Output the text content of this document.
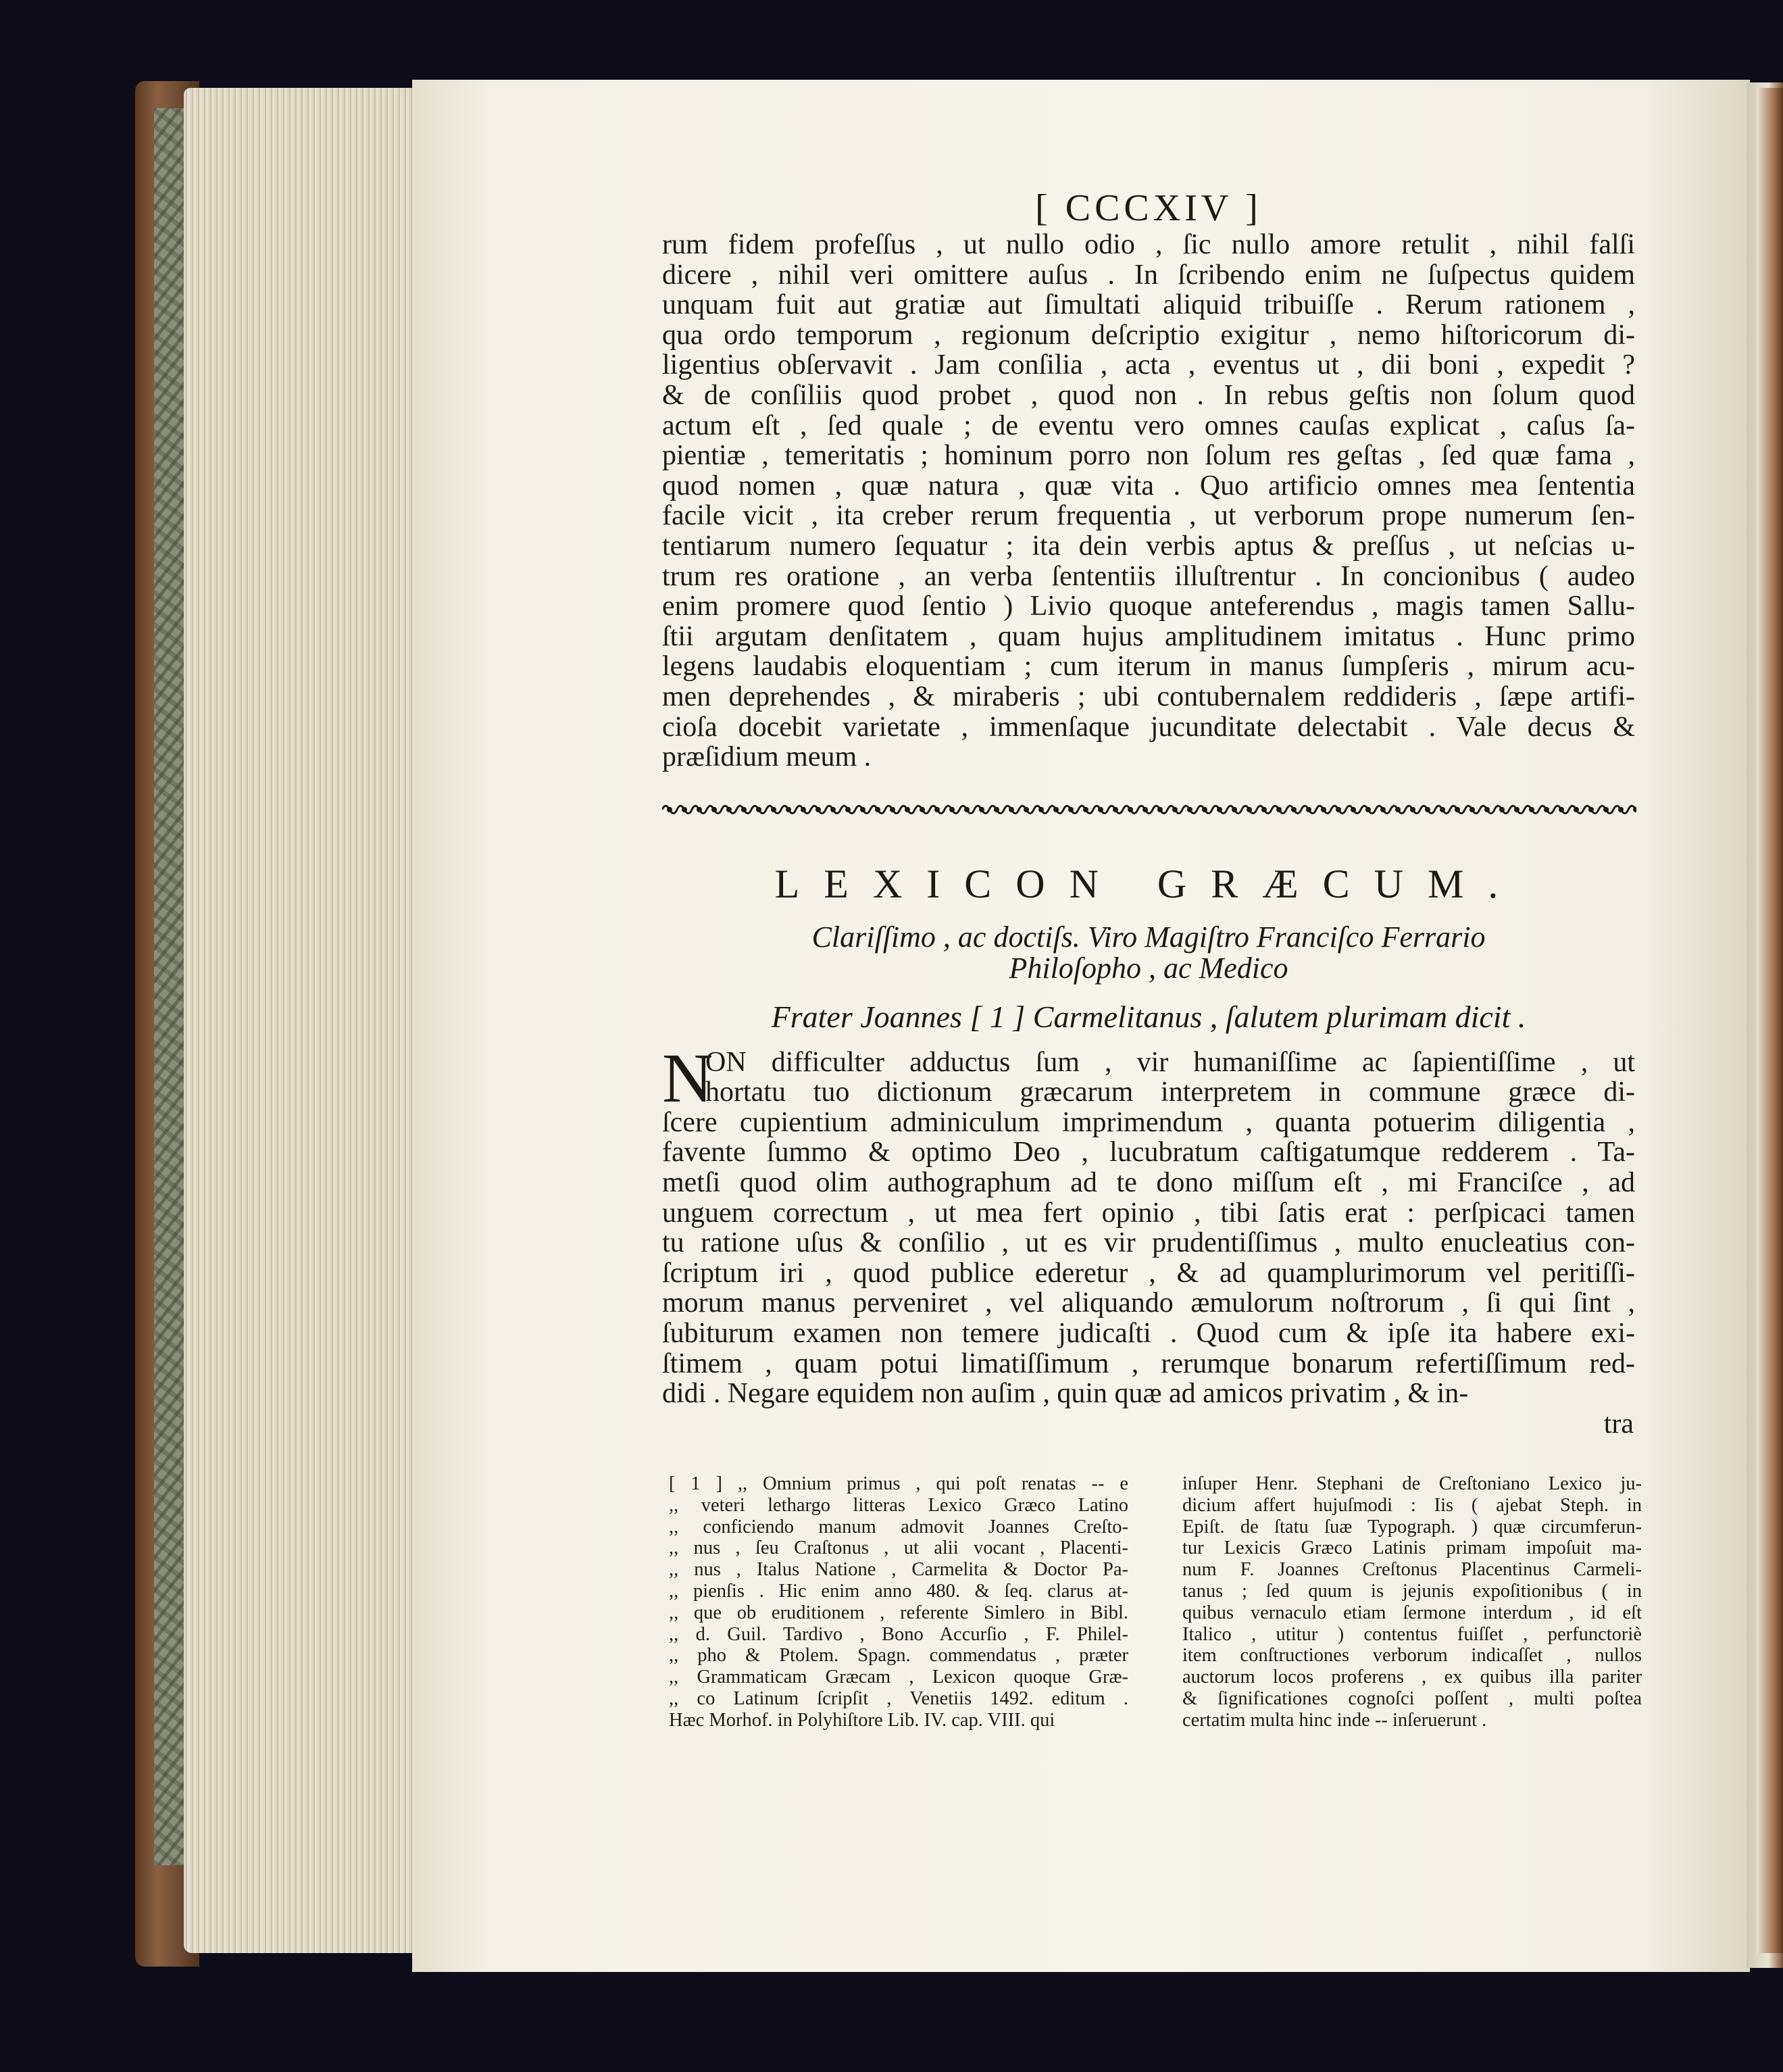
[ CCCXIV ]
rum fidem profeſſus , ut nullo odio , ſic nullo amore retulit , nihil falſi
dicere , nihil veri omittere auſus . In ſcribendo enim ne ſuſpectus quidem
unquam fuit aut gratiæ aut ſimultati aliquid tribuiſſe . Rerum rationem ,
qua ordo temporum , regionum deſcriptio exigitur , nemo hiſtoricorum di-
ligentius obſervavit . Jam conſilia , acta , eventus ut , dii boni , expedit ?
& de conſiliis quod probet , quod non . In rebus geſtis non ſolum quod
actum eſt , ſed quale ; de eventu vero omnes cauſas explicat , caſus ſa-
pientiæ , temeritatis ; hominum porro non ſolum res geſtas , ſed quæ fama ,
quod nomen , quæ natura , quæ vita . Quo artificio omnes mea ſententia
facile vicit , ita creber rerum frequentia , ut verborum prope numerum ſen-
tentiarum numero ſequatur ; ita dein verbis aptus & preſſus , ut neſcias u-
trum res oratione , an verba ſententiis illuſtrentur . In concionibus ( audeo
enim promere quod ſentio ) Livio quoque anteferendus , magis tamen Sallu-
ſtii argutam denſitatem , quam hujus amplitudinem imitatus . Hunc primo
legens laudabis eloquentiam ; cum iterum in manus ſumpſeris , mirum acu-
men deprehendes , & miraberis ; ubi contubernalem reddideris , ſæpe artifi-
cioſa docebit varietate , immenſaque jucunditate delectabit . Vale decus &
præſidium meum .
LEXICON GRÆCUM.
Clariſſimo , ac doctiſs. Viro Magiſtro Franciſco Ferrario
Philoſopho , ac Medico
Frater Joannes [ 1 ] Carmelitanus , ſalutem plurimam dicit .
N
ON difficulter adductus ſum , vir humaniſſime ac ſapientiſſime , ut
hortatu tuo dictionum græcarum interpretem in commune græce di-
ſcere cupientium adminiculum imprimendum , quanta potuerim diligentia ,
favente ſummo & optimo Deo , lucubratum caſtigatumque redderem . Ta-
metſi quod olim authographum ad te dono miſſum eſt , mi Franciſce , ad
unguem correctum , ut mea fert opinio , tibi ſatis erat : perſpicaci tamen
tu ratione uſus & conſilio , ut es vir prudentiſſimus , multo enucleatius con-
ſcriptum iri , quod publice ederetur , & ad quamplurimorum vel peritiſſi-
morum manus perveniret , vel aliquando æmulorum noſtrorum , ſi qui ſint ,
ſubiturum examen non temere judicaſti . Quod cum & ipſe ita habere exi-
ſtimem , quam potui limatiſſimum , rerumque bonarum refertiſſimum red-
didi . Negare equidem non auſim , quin quæ ad amicos privatim , & in-
tra
[ 1 ] ,, Omnium primus , qui poſt renatas -- e
,, veteri lethargo litteras Lexico Græco Latino
,, conficiendo manum admovit Joannes Creſto-
,, nus , ſeu Craſtonus , ut alii vocant , Placenti-
,, nus , Italus Natione , Carmelita & Doctor Pa-
,, pienſis . Hic enim anno 480. & ſeq. clarus at-
,, que ob eruditionem , referente Simlero in Bibl.
,, d. Guil. Tardivo , Bono Accurſio , F. Philel-
,, pho & Ptolem. Spagn. commendatus , præter
,, Grammaticam Græcam , Lexicon quoque Græ-
,, co Latinum ſcripſit , Venetiis 1492. editum .
Hæc Morhof. in Polyhiſtore Lib. IV. cap. VIII. qui
inſuper Henr. Stephani de Creſtoniano Lexico ju-
dicium affert hujuſmodi : Iis ( ajebat Steph. in
Epiſt. de ſtatu ſuæ Typograph. ) quæ circumferun-
tur Lexicis Græco Latinis primam impoſuit ma-
num F. Joannes Creſtonus Placentinus Carmeli-
tanus ; ſed quum is jejunis expoſitionibus ( in
quibus vernaculo etiam ſermone interdum , id eſt
Italico , utitur ) contentus fuiſſet , perfunctoriè
item conſtructiones verborum indicaſſet , nullos
auctorum locos proferens , ex quibus illa pariter
& ſignificationes cognoſci poſſent , multi poſtea
certatim multa hinc inde -- inſeruerunt .
